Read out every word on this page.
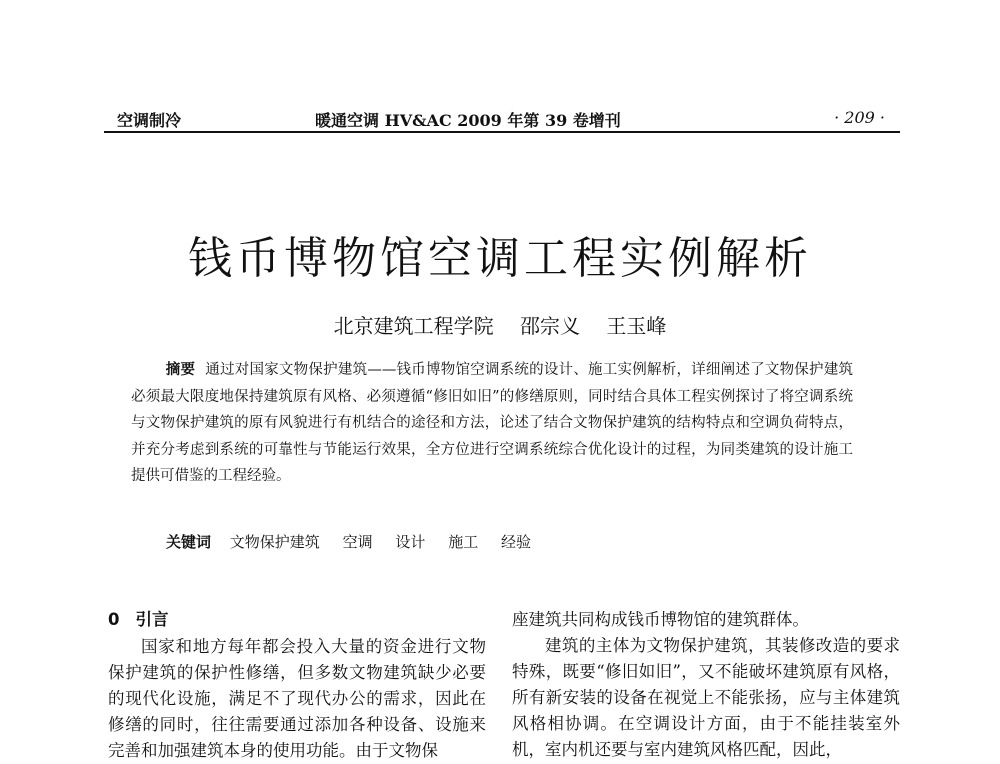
空调制冷	暖通空调 HV&AC 2009 年第 39 卷增刊	· 209 ·
钱币博物馆空调工程实例解析
北京建筑工程学院 邵宗义 王玉峰
摘要 通过对国家文物保护建筑——钱币博物馆空调系统的设计、施工实例解析，详细阐述了文物保护建筑必须最大限度地保持建筑原有风格、必须遵循“修旧如旧”的修缮原则，同时结合具体工程实例探讨了将空调系统与文物保护建筑的原有风貌进行有机结合的途径和方法，论述了结合文物保护建筑的结构特点和空调负荷特点，并充分考虑到系统的可靠性与节能运行效果，全方位进行空调系统综合优化设计的过程，为同类建筑的设计施工提供可借鉴的工程经验。
关键词 文物保护建筑 空调 设计 施工 经验
0 引言
国家和地方每年都会投入大量的资金进行文物保护建筑的保护性修缮，但多数文物建筑缺少必要的现代化设施，满足不了现代办公的需求，因此在修缮的同时，往往需要通过添加各种设备、设施来完善和加强建筑本身的使用功能。由于文物保
座建筑共同构成钱币博物馆的建筑群体。
建筑的主体为文物保护建筑，其装修改造的要求特殊，既要“修旧如旧”，又不能破坏建筑原有风格，所有新安装的设备在视觉上不能张扬，应与主体建筑风格相协调。在空调设计方面，由于不能挂装室外机，室内机还要与室内建筑风格匹配，因此，
